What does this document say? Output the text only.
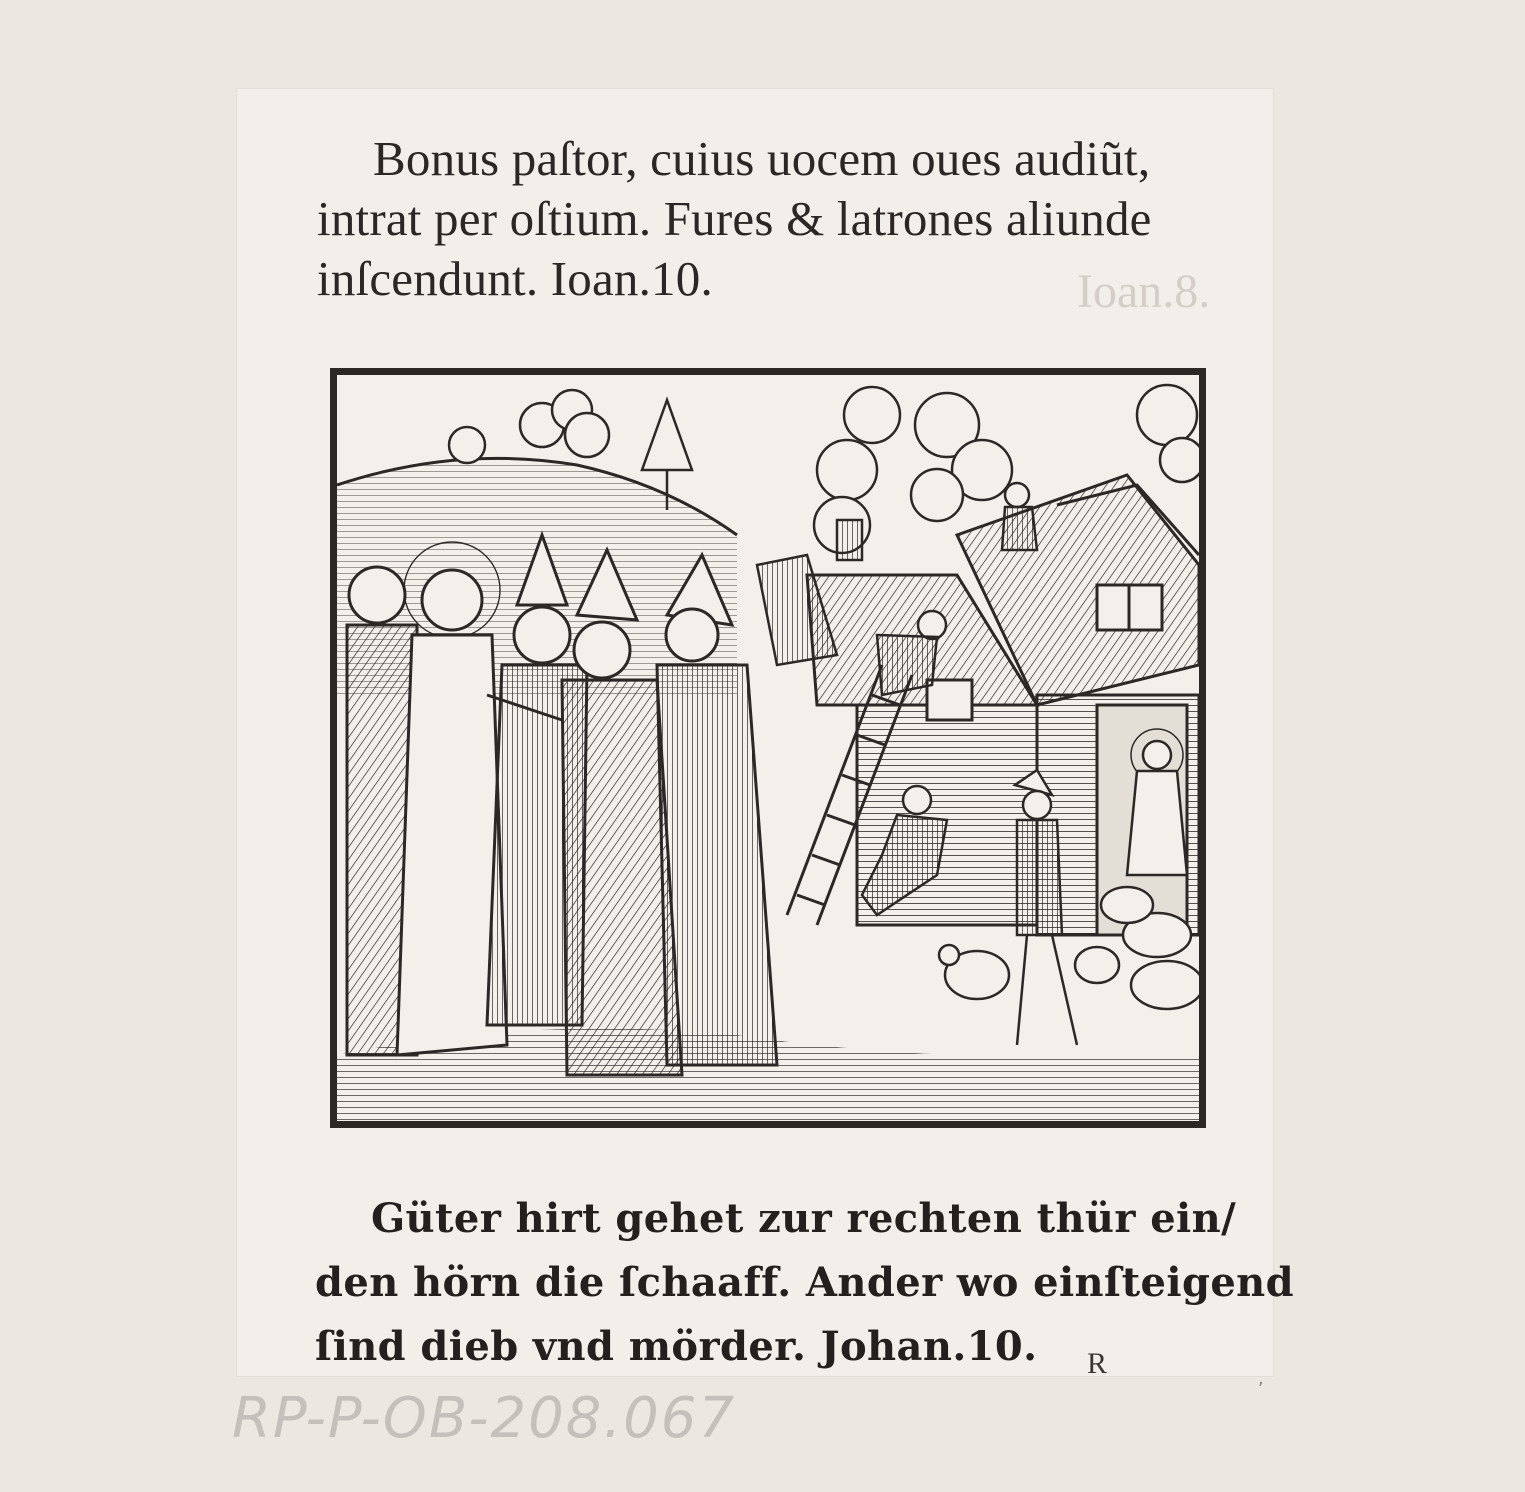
Ioan.8.
Bonus paſtor, cuius uocem oues audiũt,
intrat per oſtium. Fures & latrones aliunde
inſcendunt. Ioan.10.
Güter hirt gehet zur rechten thür ein/
den hörn die ſchaaff. Ander wo einſteigend
ſind dieb vnd mörder. Johan.10.	R	,
RP-P-OB-208.067
